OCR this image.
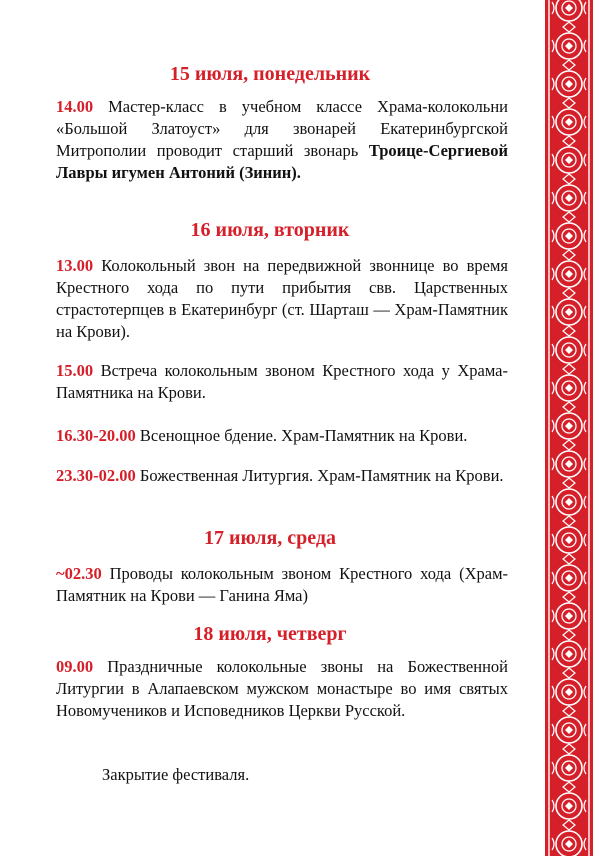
15 июля, понедельник
14.00 Мастер-класс в учебном классе Храма-колокольни «Большой Златоуст» для звонарей Екатеринбургской Митрополии проводит старший звонарь Троице-Сергиевой Лавры игумен Антоний (Зинин).
16 июля, вторник
13.00 Колокольный звон на передвижной звоннице во время Крестного хода по пути прибытия свв. Царственных страстотерпцев в Екатеринбург (ст. Шарташ — Храм-Памятник на Крови).
15.00 Встреча колокольным звоном Крестного хода у Храма-Памятника на Крови.
16.30-20.00 Всенощное бдение. Храм-Памятник на Крови.
23.30-02.00 Божественная Литургия. Храм-Памятник на Крови.
17 июля, среда
~02.30 Проводы колокольным звоном Крестного хода (Храм-Памятник на Крови — Ганина Яма)
18 июля, четверг
09.00 Праздничные колокольные звоны на Божественной Литургии в Алапаевском мужском монастыре во имя святых Новомучеников и Исповедников Церкви Русской.
Закрытие фестиваля.
